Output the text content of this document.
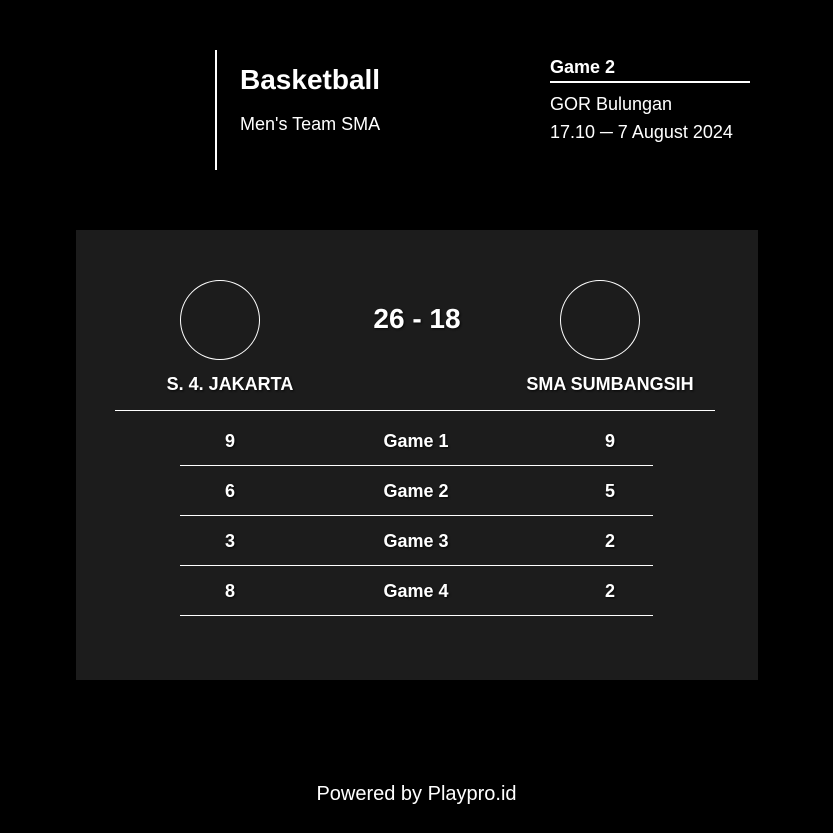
Basketball
Men's Team SMA
Game 2
GOR Bulungan
17.10 ─ 7 August 2024
26 - 18
S. 4. JAKARTA	SMA SUMBANGSIH
9	Game 1	9
6	Game 2	5
3	Game 3	2
8	Game 4	2
Powered by Playpro.id
